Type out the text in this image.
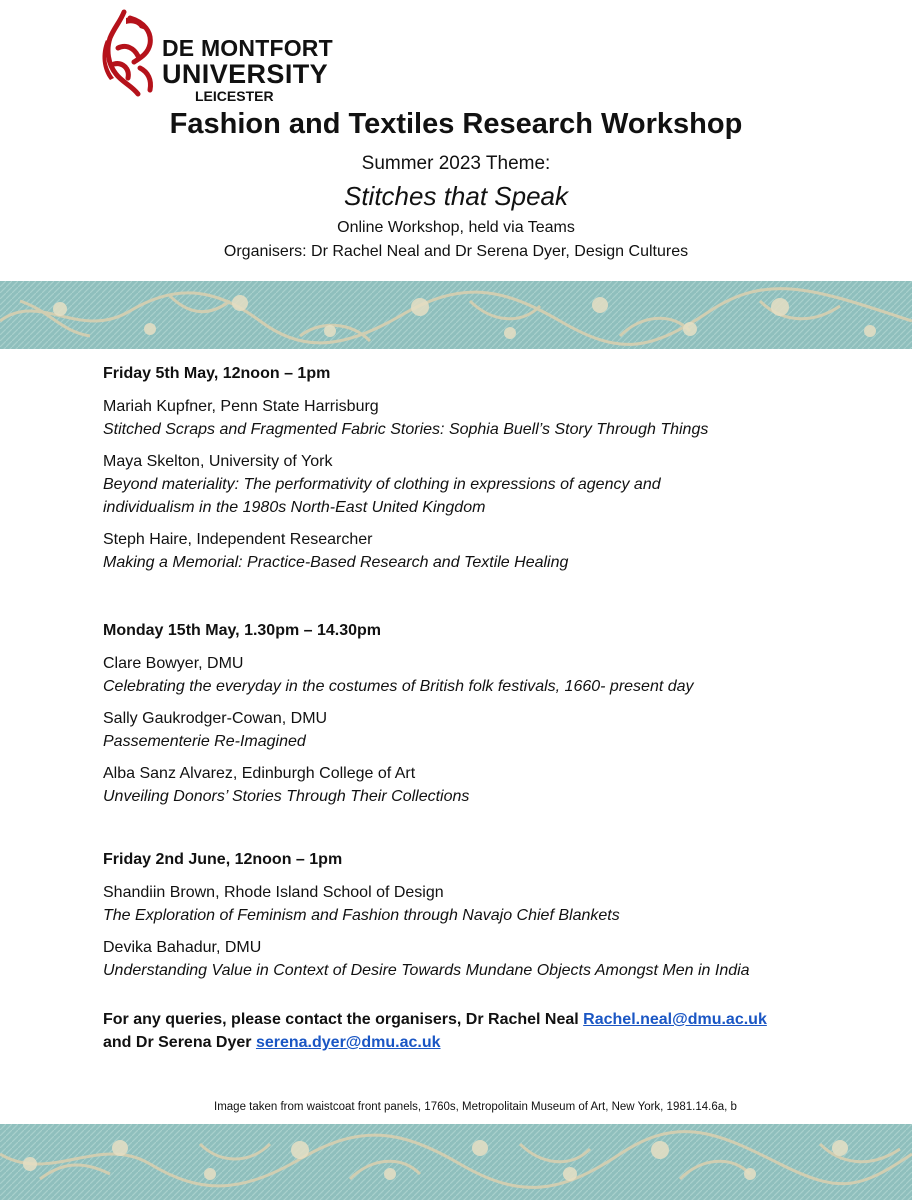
DE MONTFORT
UNIVERSITY
LEICESTER
Fashion and Textiles Research Workshop
Summer 2023 Theme:
Stitches that Speak
Online Workshop, held via Teams
Organisers: Dr Rachel Neal and Dr Serena Dyer, Design Cultures
Friday 5th May, 12noon – 1pm
Mariah Kupfner, Penn State Harrisburg
Stitched Scraps and Fragmented Fabric Stories: Sophia Buell’s Story Through Things
Maya Skelton, University of York
Beyond materiality: The performativity of clothing in expressions of agency and individualism in the 1980s North-East United Kingdom
Steph Haire, Independent Researcher
Making a Memorial: Practice-Based Research and Textile Healing
Monday 15th May, 1.30pm – 14.30pm
Clare Bowyer, DMU
Celebrating the everyday in the costumes of British folk festivals, 1660- present day
Sally Gaukrodger-Cowan, DMU
Passementerie Re-Imagined
Alba Sanz Alvarez, Edinburgh College of Art
Unveiling Donors’ Stories Through Their Collections
Friday 2nd June, 12noon – 1pm
Shandiin Brown, Rhode Island School of Design
The Exploration of Feminism and Fashion through Navajo Chief Blankets
Devika Bahadur, DMU
Understanding Value in Context of Desire Towards Mundane Objects Amongst Men in India
For any queries, please contact the organisers, Dr Rachel Neal Rachel.neal@dmu.ac.uk
and Dr Serena Dyer serena.dyer@dmu.ac.uk
Image taken from waistcoat front panels, 1760s, Metropolitain Museum of Art, New York, 1981.14.6a, b
